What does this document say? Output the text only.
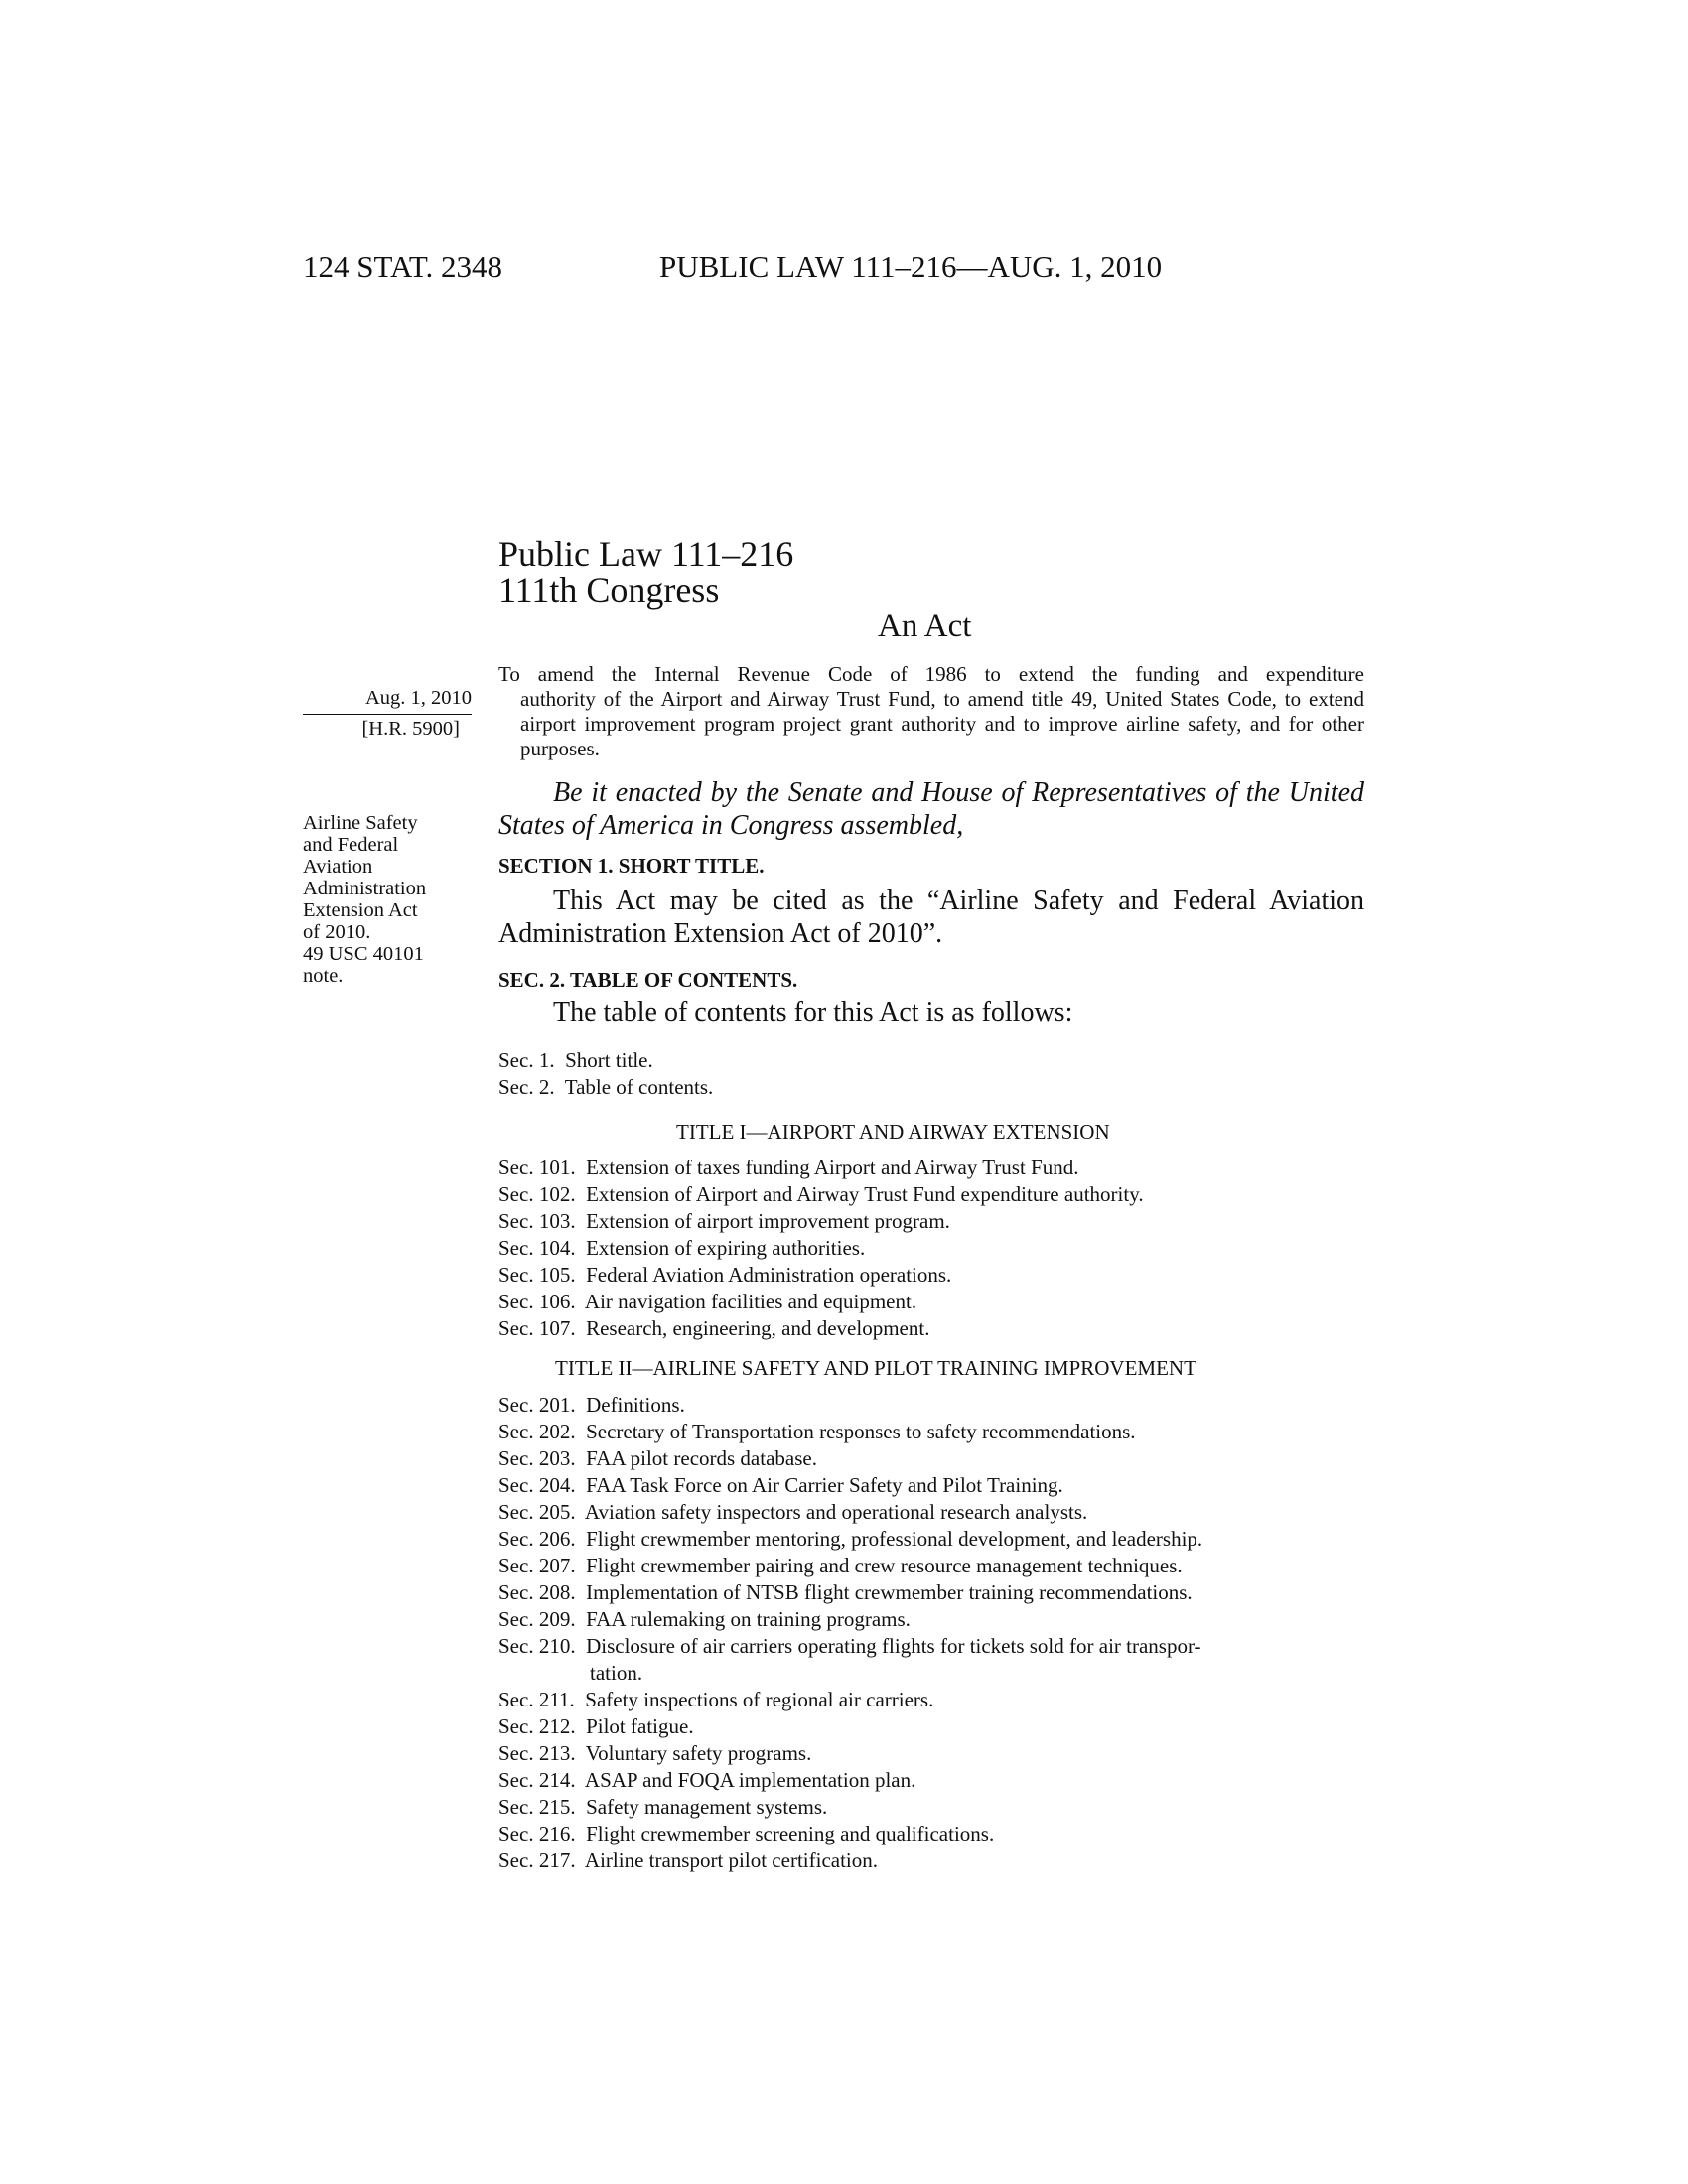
124 STAT. 2348	PUBLIC LAW 111–216—AUG. 1, 2010
Public Law 111–216
111th Congress
An Act
Aug. 1, 2010
[H.R. 5900]
Airline Safety
and Federal
Aviation
Administration
Extension Act
of 2010.
49 USC 40101
note.
To amend the Internal Revenue Code of 1986 to extend the funding and expenditure
authority of the Airport and Airway Trust Fund, to amend title 49, United States Code, to extend airport improvement program project grant authority and to improve airline safety, and for other purposes.
Be it enacted by the Senate and House of Representatives of the United States of America in Congress assembled,
SECTION 1. SHORT TITLE.
This Act may be cited as the “Airline Safety and Federal Aviation Administration Extension Act of 2010”.
SEC. 2. TABLE OF CONTENTS.
The table of contents for this Act is as follows:
Sec. 1. Short title.
Sec. 2. Table of contents.
TITLE I—AIRPORT AND AIRWAY EXTENSION
Sec. 101. Extension of taxes funding Airport and Airway Trust Fund.
Sec. 102. Extension of Airport and Airway Trust Fund expenditure authority.
Sec. 103. Extension of airport improvement program.
Sec. 104. Extension of expiring authorities.
Sec. 105. Federal Aviation Administration operations.
Sec. 106. Air navigation facilities and equipment.
Sec. 107. Research, engineering, and development.
TITLE II—AIRLINE SAFETY AND PILOT TRAINING IMPROVEMENT
Sec. 201. Definitions.
Sec. 202. Secretary of Transportation responses to safety recommendations.
Sec. 203. FAA pilot records database.
Sec. 204. FAA Task Force on Air Carrier Safety and Pilot Training.
Sec. 205. Aviation safety inspectors and operational research analysts.
Sec. 206. Flight crewmember mentoring, professional development, and leadership.
Sec. 207. Flight crewmember pairing and crew resource management techniques.
Sec. 208. Implementation of NTSB flight crewmember training recommendations.
Sec. 209. FAA rulemaking on training programs.
Sec. 210. Disclosure of air carriers operating flights for tickets sold for air transpor-
tation.
Sec. 211. Safety inspections of regional air carriers.
Sec. 212. Pilot fatigue.
Sec. 213. Voluntary safety programs.
Sec. 214. ASAP and FOQA implementation plan.
Sec. 215. Safety management systems.
Sec. 216. Flight crewmember screening and qualifications.
Sec. 217. Airline transport pilot certification.
